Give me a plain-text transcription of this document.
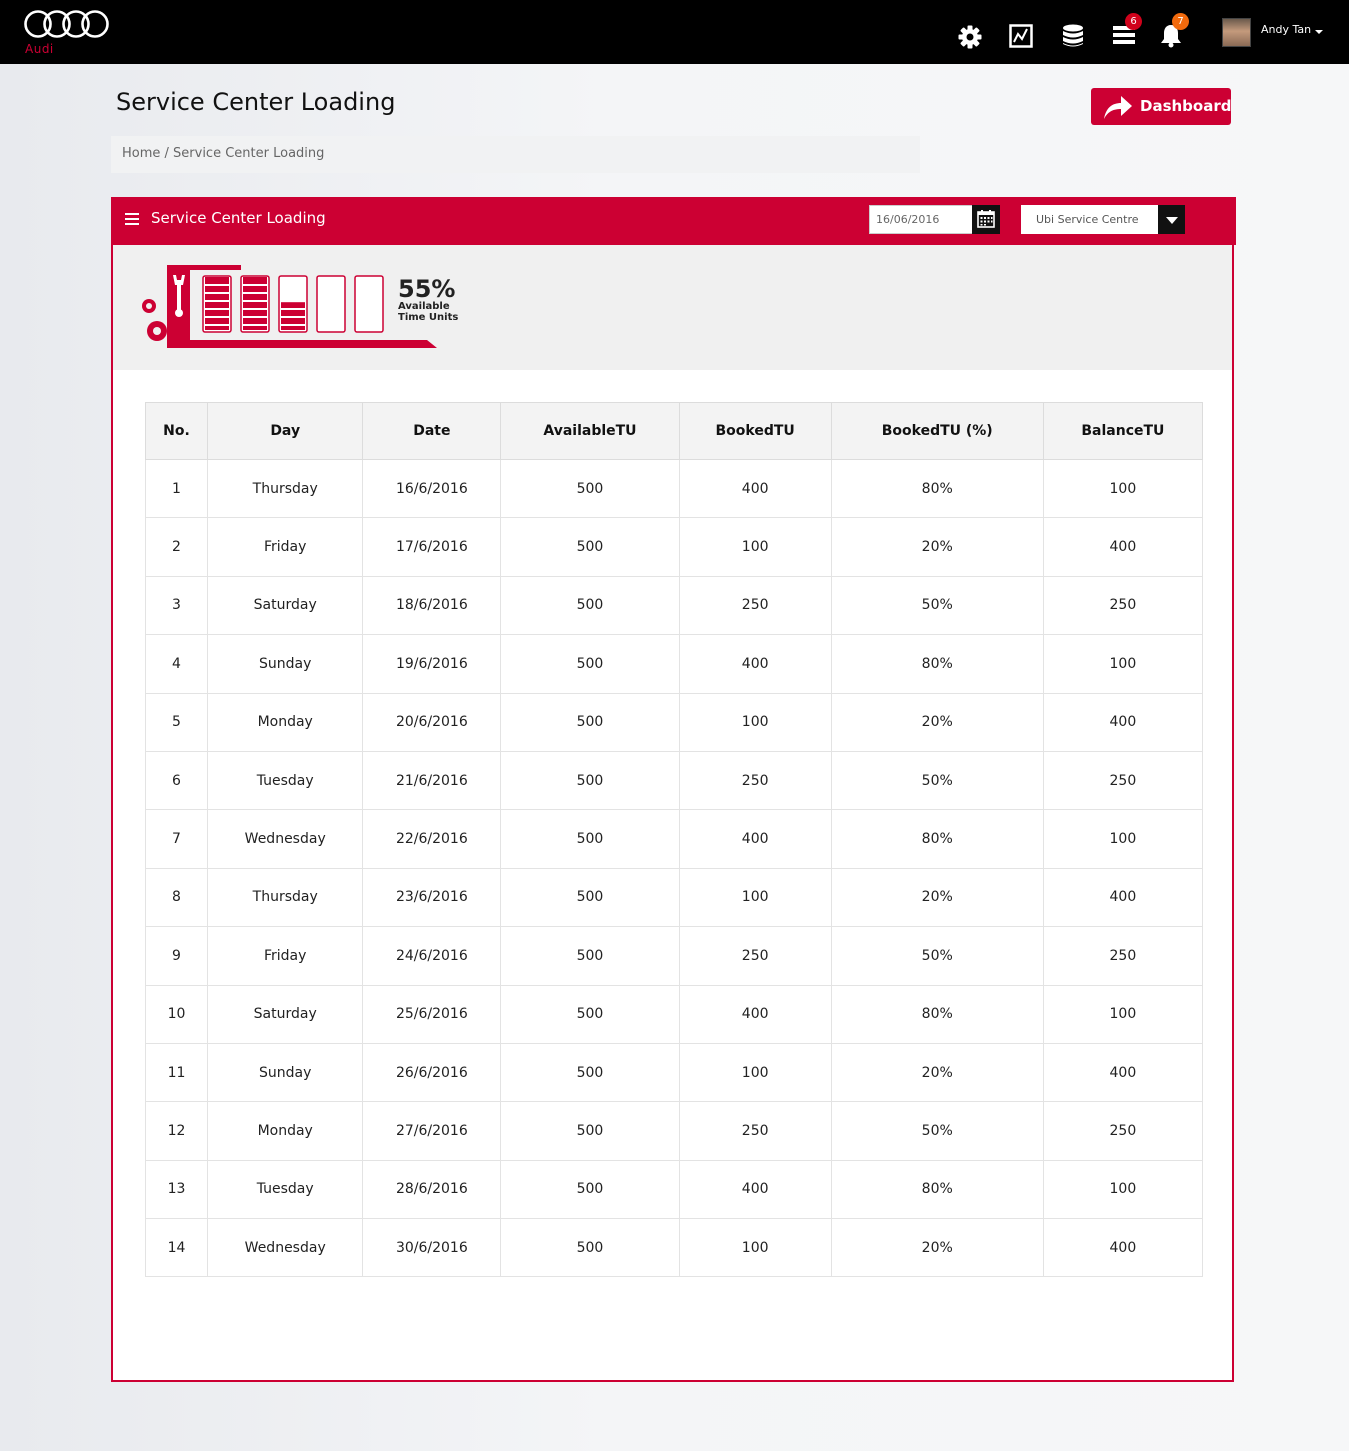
Audi
6	7
Andy Tan
Service Center Loading	Dashboard
Home / Service Center Loading
Service Center Loading	16/06/2016	Ubi Service Centre
55%
Available
Time Units
No.	Day	Date	AvailableTU	BookedTU	BookedTU (%)	BalanceTU
1	Thursday	16/6/2016	500	400	80%	100
2	Friday	17/6/2016	500	100	20%	400
3	Saturday	18/6/2016	500	250	50%	250
4	Sunday	19/6/2016	500	400	80%	100
5	Monday	20/6/2016	500	100	20%	400
6	Tuesday	21/6/2016	500	250	50%	250
7	Wednesday	22/6/2016	500	400	80%	100
8	Thursday	23/6/2016	500	100	20%	400
9	Friday	24/6/2016	500	250	50%	250
10	Saturday	25/6/2016	500	400	80%	100
11	Sunday	26/6/2016	500	100	20%	400
12	Monday	27/6/2016	500	250	50%	250
13	Tuesday	28/6/2016	500	400	80%	100
14	Wednesday	30/6/2016	500	100	20%	400
